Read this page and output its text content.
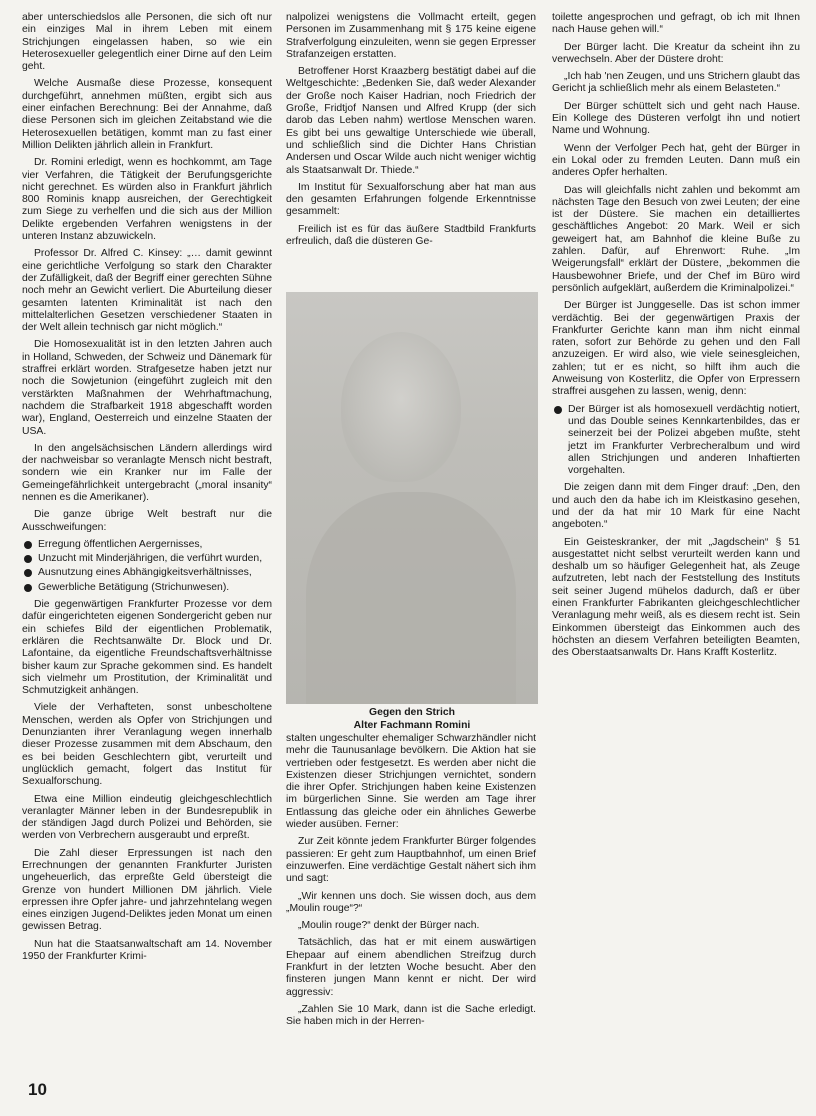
aber unterschiedslos alle Personen, die sich oft nur ein einziges Mal in ihrem Leben mit einem Strichjungen eingelassen haben, so wie ein Heterosexueller gelegentlich einer Dirne auf den Leim geht.

Welche Ausmaße diese Prozesse, konsequent durchgeführt, annehmen müßten, ergibt sich aus einer einfachen Berechnung: Bei der Annahme, daß diese Personen sich im gleichen Zeitabstand wie die Heterosexuellen betätigen, kommt man zu fast einer Million Delikten jährlich allein in Frankfurt.

Dr. Romini erledigt, wenn es hochkommt, am Tage vier Verfahren, die Tätigkeit der Berufungsgerichte nicht gerechnet. Es würden also in Frankfurt jährlich 800 Rominis knapp ausreichen, der Gerechtigkeit zum Siege zu verhelfen und die sich aus der Million Delikte ergebenden Verfahren wenigstens in der unteren Instanz abzuwickeln.

Professor Dr. Alfred C. Kinsey: „… damit gewinnt eine gerichtliche Verfolgung so stark den Charakter der Zufälligkeit, daß der Begriff einer gerechten Sühne noch mehr an Gewicht verliert. Die Aburteilung dieser gesamten latenten Kriminalität ist nach den mittelalterlichen Gesetzen verschiedener Staaten in der Welt allein technisch gar nicht möglich.“

Die Homosexualität ist in den letzten Jahren auch in Holland, Schweden, der Schweiz und Dänemark für straffrei erklärt worden. Strafgesetze haben jetzt nur noch die Sowjetunion (eingeführt zugleich mit den verstärkten Maßnahmen der Wehrhaftmachung, nachdem die Strafbarkeit 1918 abgeschafft worden war), England, Oesterreich und einzelne Staaten der USA.

In den angelsächsischen Ländern allerdings wird der nachweisbar so veranlagte Mensch nicht bestraft, sondern wie ein Kranker nur im Falle der Gemeingefährlichkeit untergebracht („moral insanity“ nennen es die Amerikaner).

Die ganze übrige Welt bestraft nur die Ausschweifungen:

Erregung öffentlichen Aergernisses,
Unzucht mit Minderjährigen, die verführt wurden,
Ausnutzung eines Abhängigkeitsverhältnisses,
Gewerbliche Betätigung (Strichunwesen).

Die gegenwärtigen Frankfurter Prozesse vor dem dafür eingerichteten eigenen Sondergericht geben nur ein schiefes Bild der eigentlichen Problematik, erklären die Rechtsanwälte Dr. Block und Dr. Lafontaine, da eigentliche Freundschaftsverhältnisse bisher kaum zur Sprache gekommen sind. Es handelt sich vielmehr um Prostitution, der Kriminalität und Schmutzigkeit anhängen.

Viele der Verhafteten, sonst unbescholtene Menschen, werden als Opfer von Strichjungen und Denunzianten ihrer Veranlagung wegen innerhalb dieser Prozesse zusammen mit dem Abschaum, den es bei beiden Geschlechtern gibt, verurteilt und unglücklich gemacht, folgert das Institut für Sexualforschung.

Etwa eine Million eindeutig gleichgeschlechtlich veranlagter Männer leben in der Bundesrepublik in der ständigen Jagd durch Polizei und Behörden, sie werden von Verbrechern ausgeraubt und erpreßt.

Die Zahl dieser Erpressungen ist nach den Errechnungen der genannten Frankfurter Juristen ungeheuerlich, das erpreßte Geld übersteigt die Grenze von hundert Millionen DM jährlich. Viele erpressen ihre Opfer jahre- und jahrzehntelang wegen eines einzigen Jugend-Deliktes jeden Monat um einen gewissen Betrag.

Nun hat die Staatsanwaltschaft am 14. November 1950 der Frankfurter Krimi-

nalpolizei wenigstens die Vollmacht erteilt, gegen Personen im Zusammenhang mit § 175 keine eigene Strafverfolgung einzuleiten, wenn sie gegen Erpresser Strafanzeigen erstatten.

Betroffener Horst Kraazberg bestätigt dabei auf die Weltgeschichte: „Bedenken Sie, daß weder Alexander der Große noch Kaiser Hadrian, noch Friedrich der Große, Fridtjof Nansen und Alfred Krupp (der sich darob das Leben nahm) wertlose Menschen waren. Es gibt bei uns gewaltige Unterschiede wie überall, und schließlich sind die Dichter Hans Christian Andersen und Oscar Wilde auch nicht weniger wichtig als Staatsanwalt Dr. Thiede.“

Im Institut für Sexualforschung aber hat man aus den gesamten Erfahrungen folgende Erkenntnisse gesammelt:

Freilich ist es für das äußere Stadtbild Frankfurts erfreulich, daß die düsteren Ge-

Gegen den Strich
Alter Fachmann Romini

stalten ungeschulter ehemaliger Schwarzhändler nicht mehr die Taunusanlage bevölkern. Die Aktion hat sie vertrieben oder festgesetzt. Es werden aber nicht die Existenzen dieser Strichjungen vernichtet, sondern die ihrer Opfer. Strichjungen haben keine Existenzen im bürgerlichen Sinne. Sie werden am Tage ihrer Entlassung das gleiche oder ein ähnliches Gewerbe wieder ausüben. Ferner:

Zur Zeit könnte jedem Frankfurter Bürger folgendes passieren: Er geht zum Hauptbahnhof, um einen Brief einzuwerfen. Eine verdächtige Gestalt nähert sich ihm und sagt:

„Wir kennen uns doch. Sie wissen doch, aus dem „Moulin rouge“?“

„Moulin rouge?“ denkt der Bürger nach.

Tatsächlich, das hat er mit einem auswärtigen Ehepaar auf einem abendlichen Streifzug durch Frankfurt in der letzten Woche besucht. Aber den finsteren jungen Mann kennt er nicht. Der wird aggressiv:

„Zahlen Sie 10 Mark, dann ist die Sache erledigt. Sie haben mich in der Herren-

toilette angesprochen und gefragt, ob ich mit Ihnen nach Hause gehen will.“

Der Bürger lacht. Die Kreatur da scheint ihn zu verwechseln. Aber der Düstere droht:

„Ich hab 'nen Zeugen, und uns Strichern glaubt das Gericht ja schließlich mehr als einem Belasteten.“

Der Bürger schüttelt sich und geht nach Hause. Ein Kollege des Düsteren verfolgt ihn und notiert Name und Wohnung.

Wenn der Verfolger Pech hat, geht der Bürger in ein Lokal oder zu fremden Leuten. Dann muß ein anderes Opfer herhalten.

Das will gleichfalls nicht zahlen und bekommt am nächsten Tage den Besuch von zwei Leuten; der eine ist der Düstere. Sie machen ein detailliertes geschäftliches Angebot: 20 Mark. Weil er sich geweigert hat, am Bahnhof die kleine Buße zu zahlen. Dafür, auf Ehrenwort: Ruhe. „Im Weigerungsfall“ erklärt der Düstere, „bekommen die Hausbewohner Briefe, und der Chef im Büro wird persönlich aufgeklärt, außerdem die Kriminalpolizei.“

Der Bürger ist Junggeselle. Das ist schon immer verdächtig. Bei der gegenwärtigen Praxis der Frankfurter Gerichte kann man ihm nicht einmal raten, sofort zur Behörde zu gehen und den Fall anzuzeigen. Er wird also, wie viele seinesgleichen, zahlen; tut er es nicht, so hilft ihm auch die Anweisung von Kosterlitz, die Opfer von Erpressern straffrei ausgehen zu lassen, wenig, denn:

Der Bürger ist als homosexuell verdächtig notiert, und das Double seines Kennkartenbildes, das er seinerzeit bei der Polizei abgeben mußte, steht jetzt im Frankfurter Verbrecheralbum und wird allen Strichjungen und anderen Inhaftierten vorgehalten.

Die zeigen dann mit dem Finger drauf: „Den, den und auch den da habe ich im Kleistkasino gesehen, und der da hat mir 10 Mark für eine Nacht angeboten.“

Ein Geisteskranker, der mit „Jagdschein“ § 51 ausgestattet nicht selbst verurteilt werden kann und deshalb um so häufiger Gelegenheit hat, als Zeuge aufzutreten, lebt nach der Feststellung des Instituts seit seiner Jugend mühelos dadurch, daß er über einen Frankfurter Fabrikanten gleichgeschlechtlicher Veranlagung mehr weiß, als es diesem recht ist. Sein Einkommen übersteigt das Einkommen auch des höchsten an diesem Verfahren beteiligten Beamten, des Oberstaatsanwalts Dr. Hans Krafft Kosterlitz.

10
